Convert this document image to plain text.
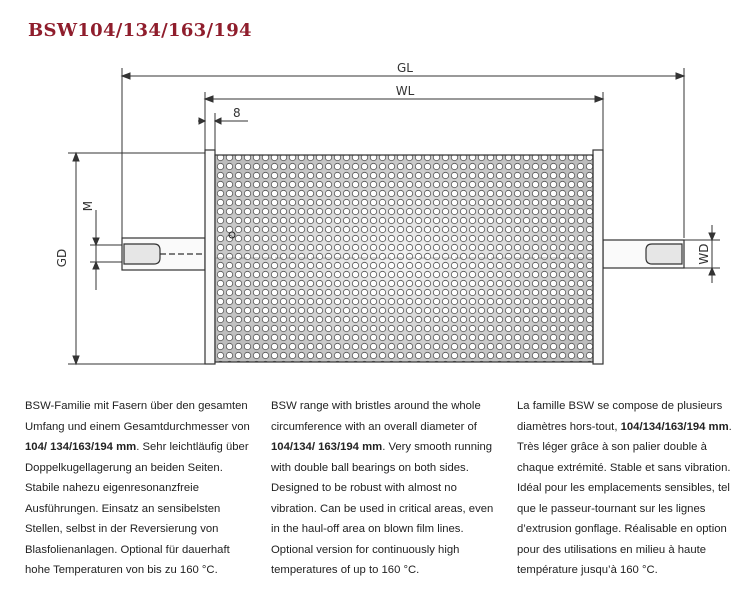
BSW104/134/163/194
GL
WL
8
GD
M
WD
BSW-Familie mit Fasern über den gesamten Umfang und einem Gesamtdurchmesser von 104/ 134/163/194 mm. Sehr leichtläufig über Doppelkugellagerung an beiden Seiten. Stabile nahezu eigenresonanzfreie Ausführungen. Einsatz an sensibelsten Stellen, selbst in der Reversierung von Blasfolienanlagen. Optional für dauerhaft hohe Temperaturen von bis zu 160 °C.
BSW range with bristles around the whole circumference with an overall diameter of 104/134/ 163/194 mm. Very smooth running with double ball bearings on both sides. Designed to be robust with almost no vibration. Can be used in critical areas, even in the haul-off area on blown film lines. Optional version for continuously high temperatures of up to 160 °C.
La famille BSW se compose de plusieurs diamètres hors-tout, 104/134/163/194 mm. Très léger grâce à son palier double à chaque extrémité. Stable et sans vibration. Idéal pour les emplacements sensibles, tel que le passeur-tournant sur les lignes d’extrusion gonflage. Réalisable en option pour des utilisations en milieu à haute température jusqu’à 160 °C.
